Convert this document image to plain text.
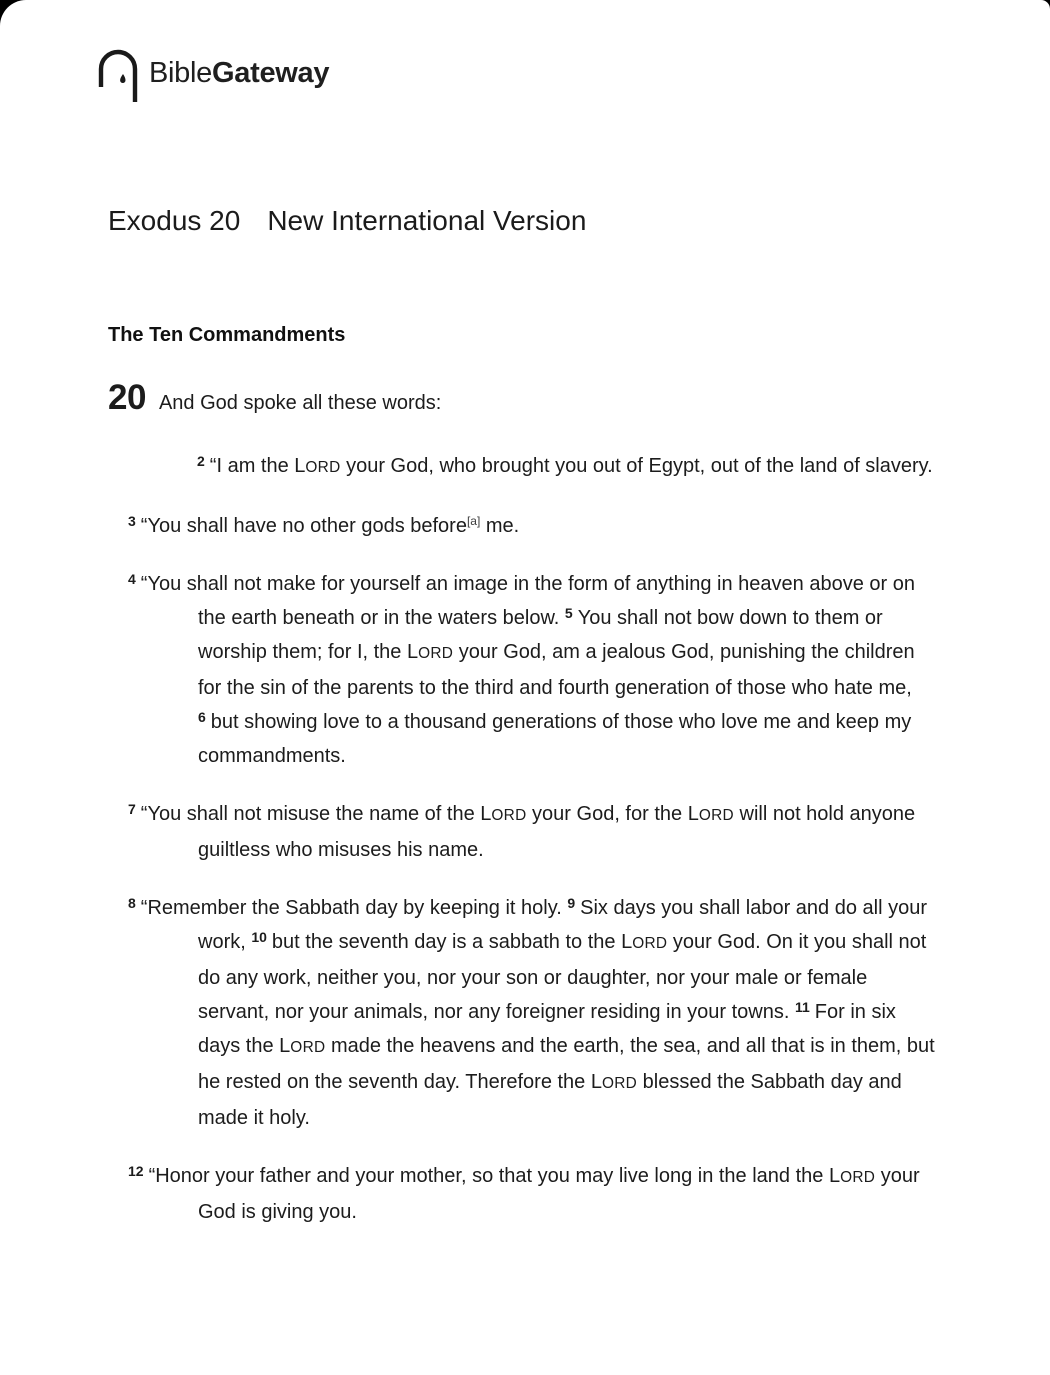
BibleGateway
Exodus 20 New International Version
The Ten Commandments
20 And God spoke all these words:
$^2$ “I am the LORD your God, who brought you out of Egypt, out of the land of slavery.
$^3$ “You shall have no other gods before[a] me.
$^4$ “You shall not make for yourself an image in the form of anything in heaven above or on the earth beneath or in the waters below. $^5$ You shall not bow down to them or worship them; for I, the LORD your God, am a jealous God, punishing the children for the sin of the parents to the third and fourth generation of those who hate me, $^6$ but showing love to a thousand generations of those who love me and keep my commandments.
$^7$ “You shall not misuse the name of the LORD your God, for the LORD will not hold anyone guiltless who misuses his name.
$^8$ “Remember the Sabbath day by keeping it holy. $^9$ Six days you shall labor and do all your work, $^{10}$ but the seventh day is a sabbath to the LORD your God. On it you shall not do any work, neither you, nor your son or daughter, nor your male or female servant, nor your animals, nor any foreigner residing in your towns. $^{11}$ For in six days the LORD made the heavens and the earth, the sea, and all that is in them, but he rested on the seventh day. Therefore the LORD blessed the Sabbath day and made it holy.
$^{12}$ “Honor your father and your mother, so that you may live long in the land the LORD your God is giving you.
